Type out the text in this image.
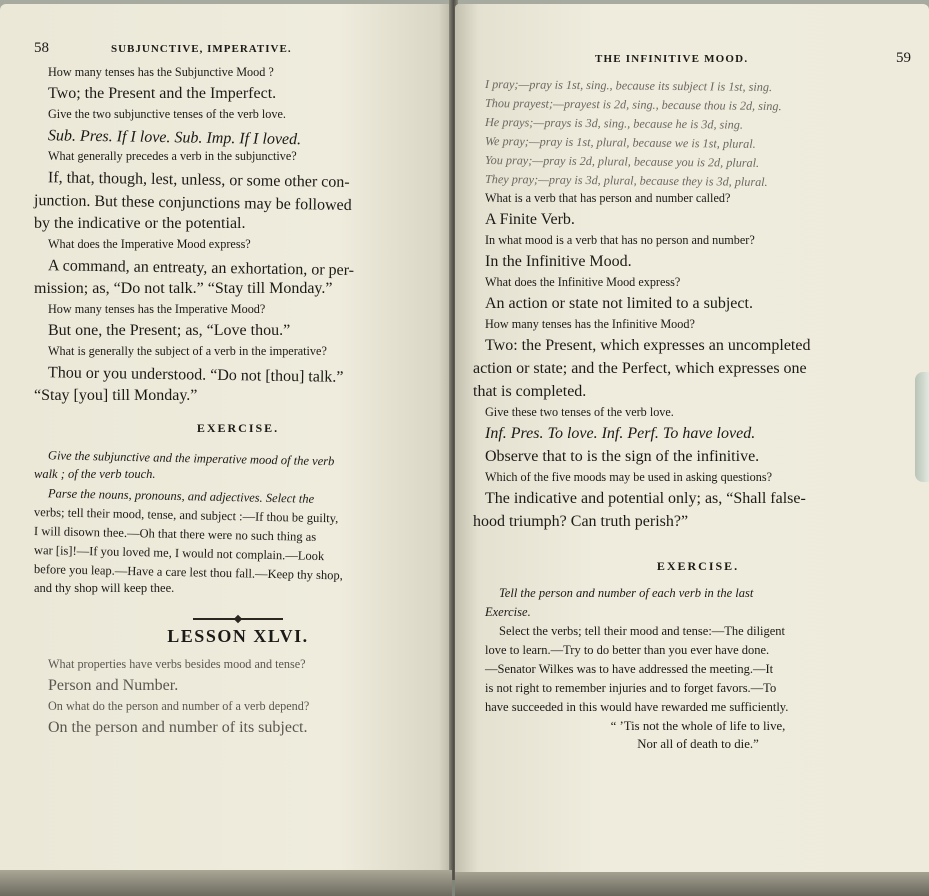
58	SUBJUNCTIVE, IMPERATIVE.
How many tenses has the Subjunctive Mood ?
Two; the Present and the Imperfect.
Give the two subjunctive tenses of the verb love.
Sub. Pres. If I love. Sub. Imp. If I loved.
What generally precedes a verb in the subjunctive?
If, that, though, lest, unless, or some other con-
junction. But these conjunctions may be followed
by the indicative or the potential.
What does the Imperative Mood express?
A command, an entreaty, an exhortation, or per-
mission; as, “Do not talk.” “Stay till Monday.”
How many tenses has the Imperative Mood?
But one, the Present; as, “Love thou.”
What is generally the subject of a verb in the imperative?
Thou or you understood. “Do not [thou] talk.”
“Stay [you] till Monday.”
EXERCISE.
Give the subjunctive and the imperative mood of the verb
walk ; of the verb touch.
Parse the nouns, pronouns, and adjectives. Select the
verbs; tell their mood, tense, and subject :—If thou be guilty,
I will disown thee.—Oh that there were no such thing as
war [is]!—If you loved me, I would not complain.—Look
before you leap.—Have a care lest thou fall.—Keep thy shop,
and thy shop will keep thee.
LESSON XLVI.
What properties have verbs besides mood and tense?
Person and Number.
On what do the person and number of a verb depend?
On the person and number of its subject.
THE INFINITIVE MOOD.	59
I pray;—pray is 1st, sing., because its subject I is 1st, sing.
Thou prayest;—prayest is 2d, sing., because thou is 2d, sing.
He prays;—prays is 3d, sing., because he is 3d, sing.
We pray;—pray is 1st, plural, because we is 1st, plural.
You pray;—pray is 2d, plural, because you is 2d, plural.
They pray;—pray is 3d, plural, because they is 3d, plural.
What is a verb that has person and number called?
A Finite Verb.
In what mood is a verb that has no person and number?
In the Infinitive Mood.
What does the Infinitive Mood express?
An action or state not limited to a subject.
How many tenses has the Infinitive Mood?
Two: the Present, which expresses an uncompleted
action or state; and the Perfect, which expresses one
that is completed.
Give these two tenses of the verb love.
Inf. Pres. To love. Inf. Perf. To have loved.
Observe that to is the sign of the infinitive.
Which of the five moods may be used in asking questions?
The indicative and potential only; as, “Shall false-
hood triumph? Can truth perish?”
EXERCISE.
Tell the person and number of each verb in the last
Exercise.
Select the verbs; tell their mood and tense:—The diligent
love to learn.—Try to do better than you ever have done.
—Senator Wilkes was to have addressed the meeting.—It
is not right to remember injuries and to forget favors.—To
have succeeded in this would have rewarded me sufficiently.
“ ’Tis not the whole of life to live,
Nor all of death to die.”
